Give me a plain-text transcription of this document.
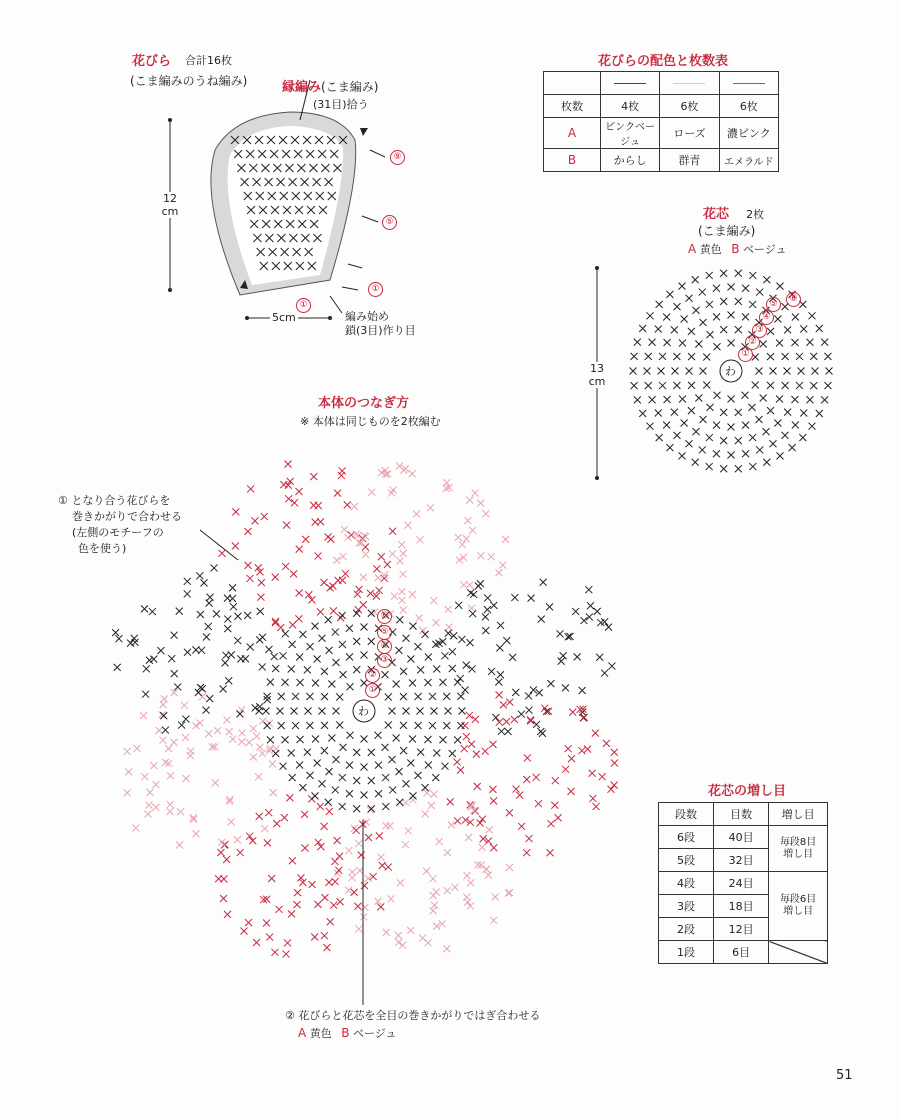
花びら 合計16枚
(こま編みのうね編み)	縁編み(こま編み)
(31目)拾う
12
cm
5cm	編み始め
鎖(3目)作り目
⑨
⑤
①
①
花びらの配色と枚数表

枚数	4枚	6枚	6枚
A	ピンクベージュ	ローズ	濃ピンク
B	からし	群青	エメラルド
花芯 2枚
(こま編み)
A 黄色 B ベージュ
13
cm
わ
①
②
③
④
⑤	⑥
本体のつなぎ方
※ 本体は同じものを2枚編む
① となり合う花びらを
巻きかがりで合わせる
(左側のモチーフの
色を使う)
わ
①
②
③
④
⑤
⑥
② 花びらと花芯を全目の巻きかがりではぎ合わせる
A 黄色 B ベージュ
花芯の増し目
段数	目数	増し目
6段	40目	毎段8目増し目
5段	32目	
4段	24目	毎段6目増し目
3段	18目	
2段	12目	
1段	6目	
51
